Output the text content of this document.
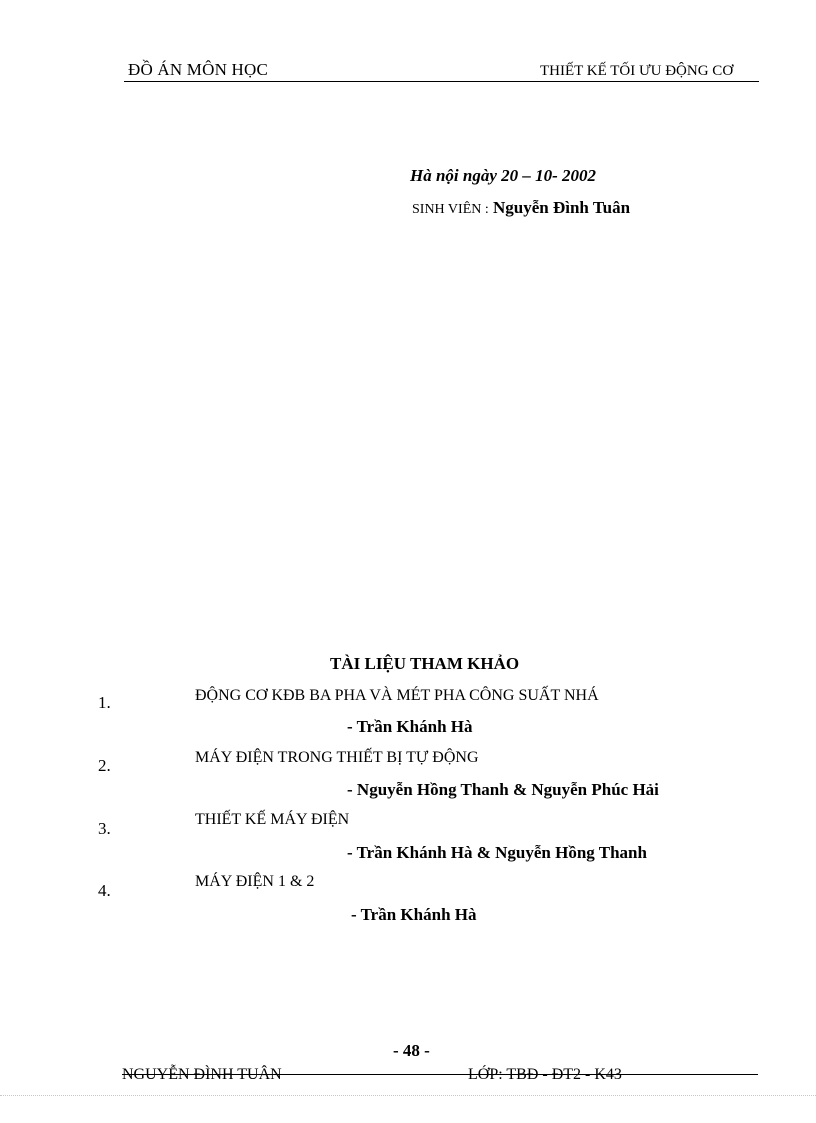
ĐỒ ÁN MÔN HỌC	THIẾT KẾ TỐI ƯU ĐỘNG CƠ
Hà nội ngày 20 – 10- 2002
SINH VIÊN : Nguyễn Đình Tuân
TÀI LIỆU THAM KHẢO
1.	ĐỘNG CƠ KĐB BA PHA VÀ MÉT PHA CÔNG SUẤT NHÁ
- Trần Khánh Hà
2.	MÁY ĐIỆN TRONG THIẾT BỊ TỰ ĐỘNG
- Nguyễn Hồng Thanh & Nguyễn Phúc Hải
3.	THIẾT KẾ MÁY ĐIỆN
- Trần Khánh Hà & Nguyễn Hồng Thanh
4.	MÁY ĐIỆN 1 & 2
- Trần Khánh Hà
- 48 -
NGUYỄN ĐÌNH TUÂN	LỚP: TBĐ - ĐT2 - K43
